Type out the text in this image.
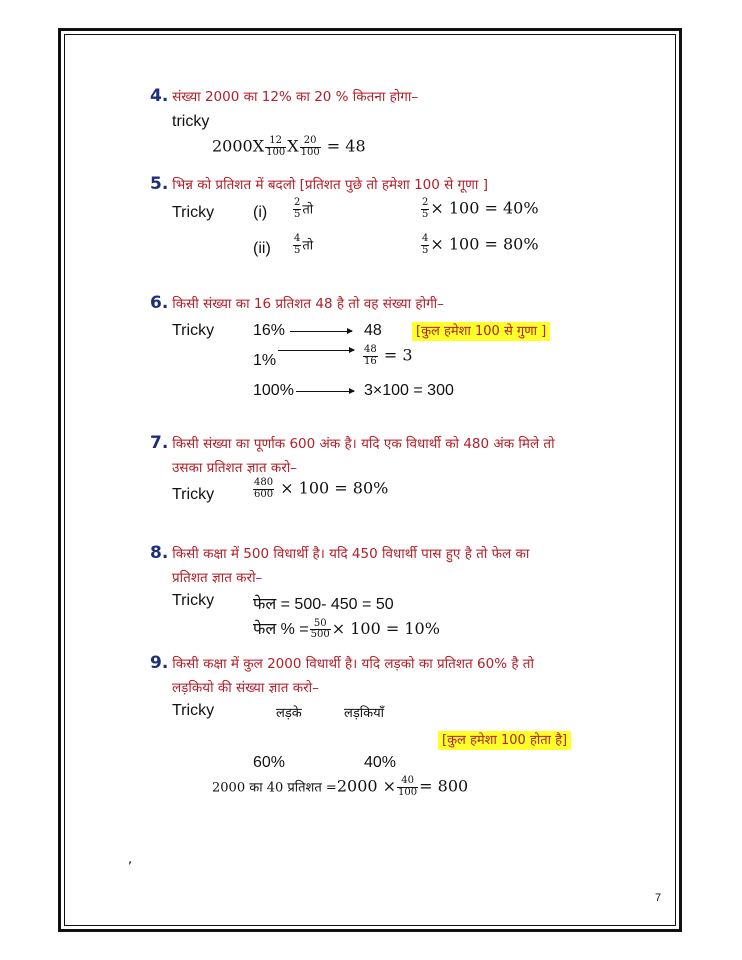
4. संख्या 2000 का 12% का 20 % कितना होगा–
tricky
$2000X \frac{12}{100}$ X $\frac{20}{100} = 48$
5. भिन्न को प्रतिशत में बदलो [प्रतिशत पुछे तो हमेशा 100 से गूणा ]
Tricky (i)	$\frac{2}{5}$ तो	$\frac{2}{5} \times 100 = 40\%$
$(ii) \frac{4}{5}$ तो	$\frac{4}{5} \times 100 = 80\%$
6. किसी संख्या का 16 प्रतिशत 48 है तो वह संख्या होगी–
Tricky 16%	48	[कुल हमेशा 100 से गुणा ]
1%	$\frac{48}{16} = 3$
100%	3×100 = 300
7. किसी संख्या का पूर्णाक 600 अंक है। यदि एक विधार्थी को 480 अंक मिले तो
उसका प्रतिशत ज्ञात करो–
Tricky	$\frac{480}{600} \times 100 = 80\%$
8. किसी कक्षा में 500 विधार्थी है। यदि 450 विधार्थी पास हुए है तो फेल का
प्रतिशत ज्ञात करो–
Tricky फेल = 500- 450 = 50
फेल % = $\frac{50}{500} \times 100 = 10\%$
9. किसी कक्षा में कुल 2000 विधार्थी है। यदि लड़को का प्रतिशत 60% है तो
लड़कियो की संख्या ज्ञात करो–
Tricky	लड़के	लड़कियाँ
[कुल हमेशा 100 होता है]
60%	40%
2000 का 40 प्रतिशत $=2000 \times \frac{40}{100} = 800$
,
7
